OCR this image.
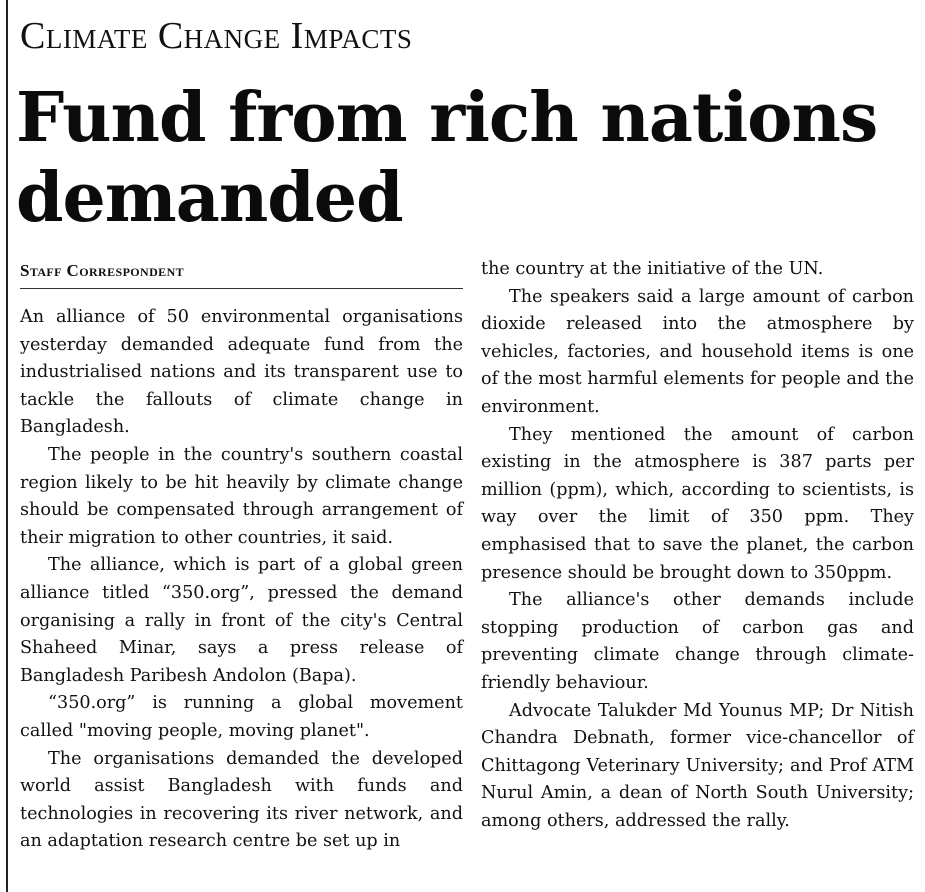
Climate Change Impacts
Fund from rich nations demanded
Staff Correspondent

An alliance of 50 environmental organisations yesterday demanded adequate fund from the industrialised nations and its transparent use to tackle the fallouts of climate change in Bangladesh.

The people in the country's southern coastal region likely to be hit heavily by climate change should be compensated through arrangement of their migration to other countries, it said.

The alliance, which is part of a global green alliance titled “350.org”, pressed the demand organising a rally in front of the city's Central Shaheed Minar, says a press release of Bangladesh Paribesh Andolon (Bapa).

“350.org” is running a global movement called "moving people, moving planet".

The organisations demanded the developed world assist Bangladesh with funds and technologies in recovering its river network, and an adaptation research centre be set up in

the country at the initiative of the UN.

The speakers said a large amount of carbon dioxide released into the atmosphere by vehicles, factories, and household items is one of the most harmful elements for people and the environment.

They mentioned the amount of carbon existing in the atmosphere is 387 parts per million (ppm), which, according to scientists, is way over the limit of 350 ppm. They emphasised that to save the planet, the carbon presence should be brought down to 350ppm.

The alliance's other demands include stopping production of carbon gas and preventing climate change through climate-friendly behaviour.

Advocate Talukder Md Younus MP; Dr Nitish Chandra Debnath, former vice-chancellor of Chittagong Veterinary University; and Prof ATM Nurul Amin, a dean of North South University; among others, addressed the rally.
